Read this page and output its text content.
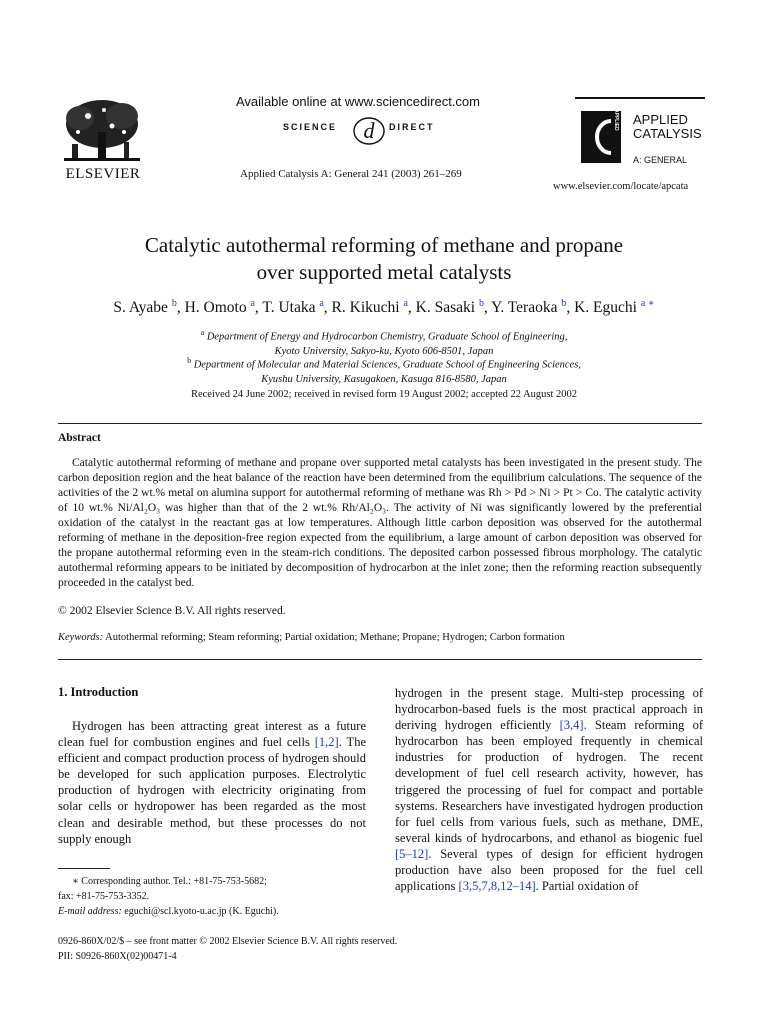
ELSEVIER
Available online at www.sciencedirect.com
SCIENCE d DIRECT
Applied Catalysis A: General 241 (2003) 261–269
APPLIED APPLIED
CATALYSIS
A: GENERAL
www.elsevier.com/locate/apcata
Catalytic autothermal reforming of methane and propane
over supported metal catalysts
S. Ayabe $^b$, H. Omoto $^a$, T. Utaka $^a$, R. Kikuchi $^a$, K. Sasaki $^b$, Y. Teraoka $^b$, K. Eguchi $^{a ∗}$
$^a$ Department of Energy and Hydrocarbon Chemistry, Graduate School of Engineering,
Kyoto University, Sakyo-ku, Kyoto 606-8501, Japan
$^b$ Department of Molecular and Material Sciences, Graduate School of Engineering Sciences,
Kyushu University, Kasugakoen, Kasuga 816-8580, Japan
Received 24 June 2002; received in revised form 19 August 2002; accepted 22 August 2002
Abstract

Catalytic autothermal reforming of methane and propane over supported metal catalysts has been investigated in the present study. The carbon deposition region and the heat balance of the reaction have been determined from the equilibrium calculations. The sequence of the activities of the 2 wt.% metal on alumina support for autothermal reforming of methane was Rh > Pd > Ni > Pt > Co. The catalytic activity of 10 wt.% Ni/Al₂O₃ was higher than that of the 2 wt.% Rh/Al₂O₃. The activity of Ni was significantly lowered by the preferential oxidation of the catalyst in the reactant gas at low temperatures. Although little carbon deposition was observed for the autothermal reforming of methane in the deposition-free region expected from the equilibrium, a large amount of carbon deposition was observed for the propane autothermal reforming even in the steam-rich conditions. The deposited carbon possessed fibrous morphology. The catalytic autothermal reforming appears to be initiated by decomposition of hydrocarbon at the inlet zone; then the reforming reaction subsequently proceeded in the catalyst bed.

© 2002 Elsevier Science B.V. All rights reserved.
Keywords: Autothermal reforming; Steam reforming; Partial oxidation; Methane; Propane; Hydrogen; Carbon formation
1. Introduction

Hydrogen has been attracting great interest as a future clean fuel for combustion engines and fuel cells [1,2]. The efficient and compact production process of hydrogen should be developed for such application purposes. Electrolytic production of hydrogen with electricity originating from solar cells or hydropower has been regarded as the most clean and desirable method, but these processes do not supply enough

hydrogen in the present stage. Multi-step processing of hydrocarbon-based fuels is the most practical approach in deriving hydrogen efficiently [3,4]. Steam reforming of hydrocarbon has been employed frequently in chemical industries for production of hydrogen. The recent development of fuel cell research activity, however, has triggered the processing of fuel for compact and portable systems. Researchers have investigated hydrogen production for fuel cells from various fuels, such as methane, DME, several kinds of hydrocarbons, and ethanol as biogenic fuel [5–12]. Several types of design for efficient hydrogen production have also been proposed for the fuel cell applications [3,5,7,8,12–14]. Partial oxidation of

∗ Corresponding author. Tel.: +81-75-753-5682;
fax: +81-75-753-3352.
E-mail address: eguchi@scl.kyoto-u.ac.jp (K. Eguchi).
0926-860X/02/$ – see front matter © 2002 Elsevier Science B.V. All rights reserved.
PII: S0926-860X(02)00471-4
